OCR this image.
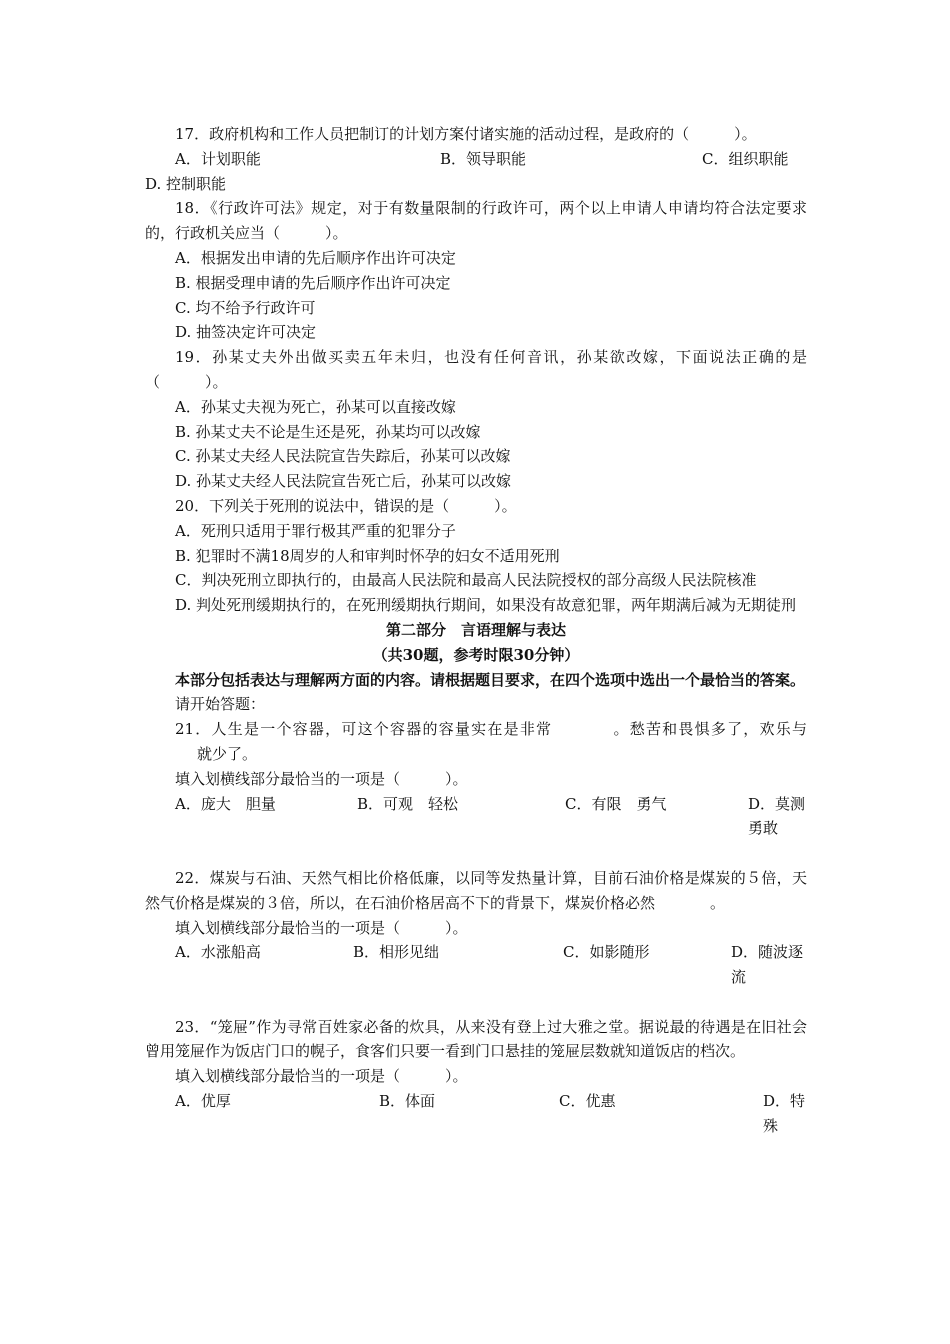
17．政府机构和工作人员把制订的计划方案付诸实施的活动过程，是政府的（　　　）。

A．计划职能	B．领导职能	C．组织职能

D. 控制职能

18．《行政许可法》规定，对于有数量限制的行政许可，两个以上申请人申请均符合法定要求的，行政机关应当（　　　）。

A．根据发出申请的先后顺序作出许可决定

B. 根据受理申请的先后顺序作出许可决定

C. 均不给予行政许可

D. 抽签决定许可决定

19．孙某丈夫外出做买卖五年未归，也没有任何音讯，孙某欲改嫁，下面说法正确的是（　　　）。

A．孙某丈夫视为死亡，孙某可以直接改嫁

B. 孙某丈夫不论是生还是死，孙某均可以改嫁

C. 孙某丈夫经人民法院宣告失踪后，孙某可以改嫁

D. 孙某丈夫经人民法院宣告死亡后，孙某可以改嫁

20．下列关于死刑的说法中，错误的是（　　　）。

A．死刑只适用于罪行极其严重的犯罪分子

B. 犯罪时不满18周岁的人和审判时怀孕的妇女不适用死刑

C．判决死刑立即执行的，由最高人民法院和最高人民法院授权的部分高级人民法院核准

D. 判处死刑缓期执行的，在死刑缓期执行期间，如果没有故意犯罪，两年期满后减为无期徒刑

第二部分　言语理解与表达

（共30题，参考时限30分钟）

本部分包括表达与理解两方面的内容。请根据题目要求，在四个选项中选出一个最恰当的答案。

请开始答题：

21．人生是一个容器，可这个容器的容量实在是非常	。愁苦和畏惧多了，欢乐与就少了。

填入划横线部分最恰当的一项是（　　　）。

A．庞大　胆量	B．可观　轻松	C．有限　勇气	D．莫测勇敢

22．煤炭与石油、天然气相比价格低廉，以同等发热量计算，目前石油价格是煤炭的５倍，天然气价格是煤炭的３倍，所以，在石油价格居高不下的背景下，煤炭价格必然	。

填入划横线部分最恰当的一项是（　　　）。

A．水涨船高	B．相形见绌	C．如影随形	D．随波逐流

23．“笼屉”作为寻常百姓家必备的炊具，从来没有登上过大雅之堂。据说最的待遇是在旧社会曾用笼屉作为饭店门口的幌子，食客们只要一看到门口悬挂的笼屉层数就知道饭店的档次。

填入划横线部分最恰当的一项是（　　　）。

A．优厚	B．体面	C．优惠	D．特殊
